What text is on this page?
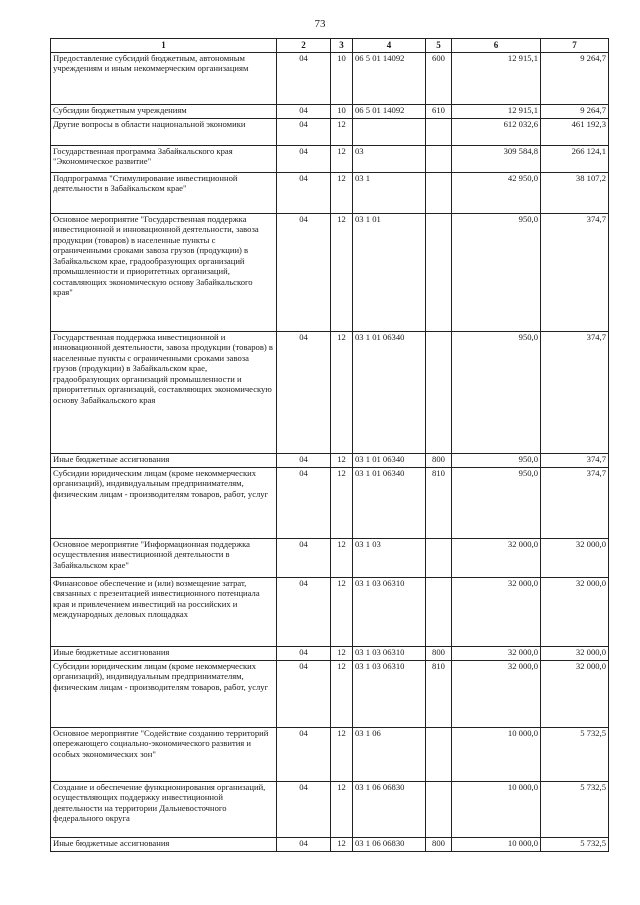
73
1	2	3	4	5	6	7
Предоставление субсидий бюджетным, автономным учреждениям и иным некоммерческим организациям	04	10	06 5 01 14092	600	12 915,1	9 264,7
Субсидии бюджетным учреждениям	04	10	06 5 01 14092	610	12 915,1	9 264,7
Другие вопросы в области национальной экономики	04	12			612 032,6	461 192,3
Государственная программа Забайкальского края "Экономическое развитие"	04	12	03		309 584,8	266 124,1
Подпрограмма "Стимулирование инвестиционной деятельности в Забайкальском крае"	04	12	03 1		42 950,0	38 107,2
Основное мероприятие "Государственная поддержка инвестиционной и инновационной деятельности, завоза продукции (товаров) в населенные пункты с ограниченными сроками завоза грузов (продукции) в Забайкальском крае, градообразующих организаций промышленности и приоритетных организаций, составляющих экономическую основу Забайкальского края"	04	12	03 1 01		950,0	374,7
Государственная поддержка инвестиционной и инновационной деятельности, завоза продукции (товаров) в населенные пункты с ограниченными сроками завоза грузов (продукции) в Забайкальском крае, градообразующих организаций промышленности и приоритетных организаций, составляющих экономическую основу Забайкальского края	04	12	03 1 01 06340		950,0	374,7
Иные бюджетные ассигнования	04	12	03 1 01 06340	800	950,0	374,7
Субсидии юридическим лицам (кроме некоммерческих организаций), индивидуальным предпринимателям, физическим лицам - производителям товаров, работ, услуг	04	12	03 1 01 06340	810	950,0	374,7
Основное мероприятие "Информационная поддержка осуществления инвестиционной деятельности в Забайкальском крае"	04	12	03 1 03		32 000,0	32 000,0
Финансовое обеспечение и (или) возмещение затрат, связанных с презентацией инвестиционного потенциала края и привлечением инвестиций на российских и международных деловых площадках	04	12	03 1 03 06310		32 000,0	32 000,0
Иные бюджетные ассигнования	04	12	03 1 03 06310	800	32 000,0	32 000,0
Субсидии юридическим лицам (кроме некоммерческих организаций), индивидуальным предпринимателям, физическим лицам - производителям товаров, работ, услуг	04	12	03 1 03 06310	810	32 000,0	32 000,0
Основное мероприятие "Содействие созданию территорий опережающего социально-экономического развития и особых экономических зон"	04	12	03 1 06		10 000,0	5 732,5
Создание и обеспечение функционирования организаций, осуществляющих поддержку инвестиционной деятельности на территории Дальневосточного федерального округа	04	12	03 1 06 06830		10 000,0	5 732,5
Иные бюджетные ассигнования	04	12	03 1 06 06830	800	10 000,0	5 732,5
